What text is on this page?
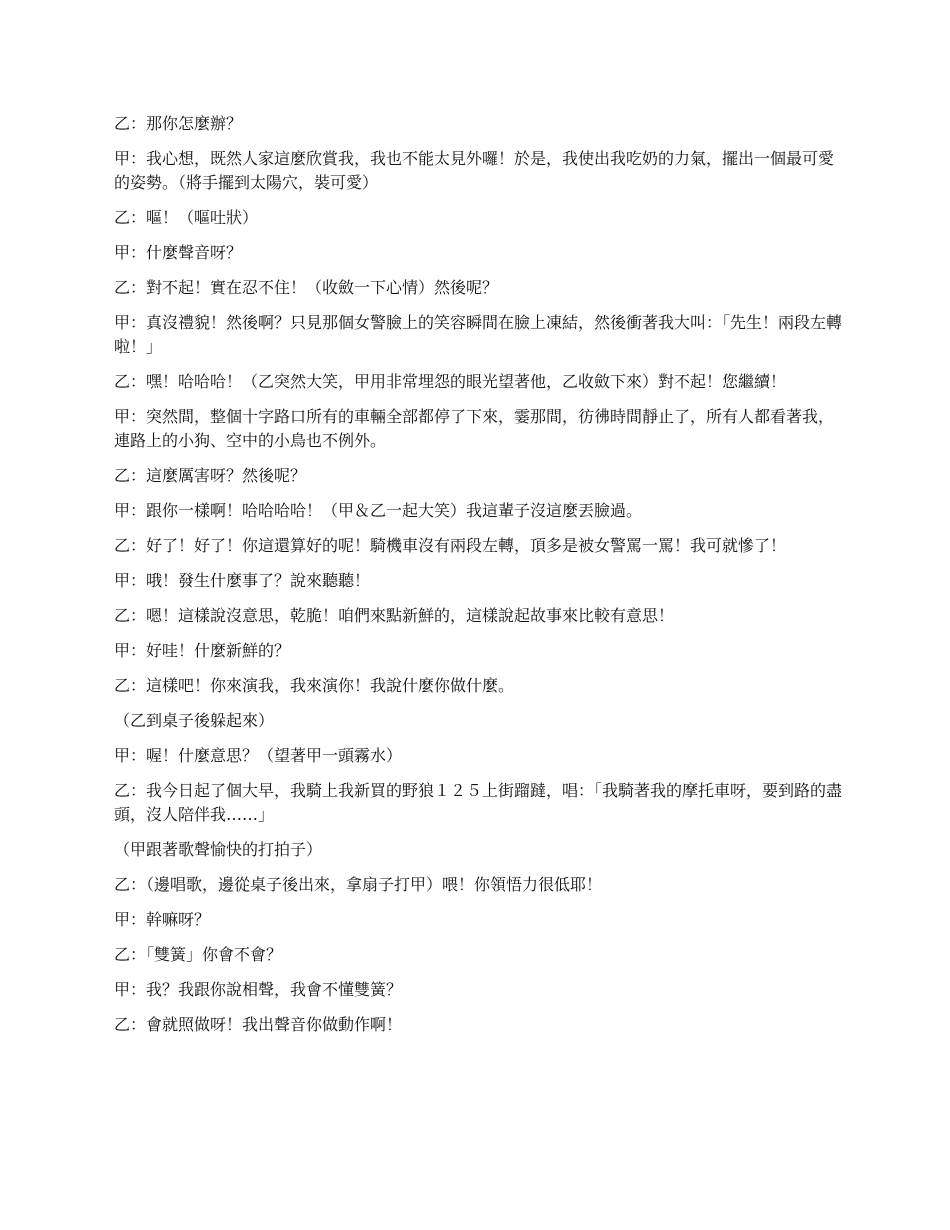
乙：那你怎麼辦？

甲：我心想，既然人家這麼欣賞我，我也不能太見外囉！於是，我使出我吃奶的力氣，擺出一個最可愛的姿勢。（將手擺到太陽穴，裝可愛）

乙：嘔！（嘔吐狀）

甲：什麼聲音呀？

乙：對不起！實在忍不住！（收斂一下心情）然後呢？

甲：真沒禮貌！然後啊？只見那個女警臉上的笑容瞬間在臉上凍結，然後衝著我大叫：「先生！兩段左轉啦！」

乙：嘿！哈哈哈！（乙突然大笑，甲用非常埋怨的眼光望著他，乙收斂下來）對不起！您繼續！

甲：突然間，整個十字路口所有的車輛全部都停了下來，霎那間，彷彿時間靜止了，所有人都看著我，連路上的小狗、空中的小鳥也不例外。

乙：這麼厲害呀？然後呢？

甲：跟你一樣啊！哈哈哈哈！（甲＆乙一起大笑）我這輩子沒這麼丟臉過。

乙：好了！好了！你這還算好的呢！騎機車沒有兩段左轉，頂多是被女警罵一罵！我可就慘了！

甲：哦！發生什麼事了？說來聽聽！

乙：嗯！這樣說沒意思，乾脆！咱們來點新鮮的，這樣說起故事來比較有意思！

甲：好哇！什麼新鮮的？

乙：這樣吧！你來演我，我來演你！我說什麼你做什麼。

（乙到桌子後躲起來）

甲：喔！什麼意思？（望著甲一頭霧水）

乙：我今日起了個大早，我騎上我新買的野狼１２５上街蹓躂，唱：「我騎著我的摩托車呀，要到路的盡頭，沒人陪伴我……」

（甲跟著歌聲愉快的打拍子）

乙：（邊唱歌，邊從桌子後出來，拿扇子打甲）喂！你領悟力很低耶！

甲：幹嘛呀？

乙：「雙簧」你會不會？

甲：我？我跟你說相聲，我會不懂雙簧？

乙：會就照做呀！我出聲音你做動作啊！
